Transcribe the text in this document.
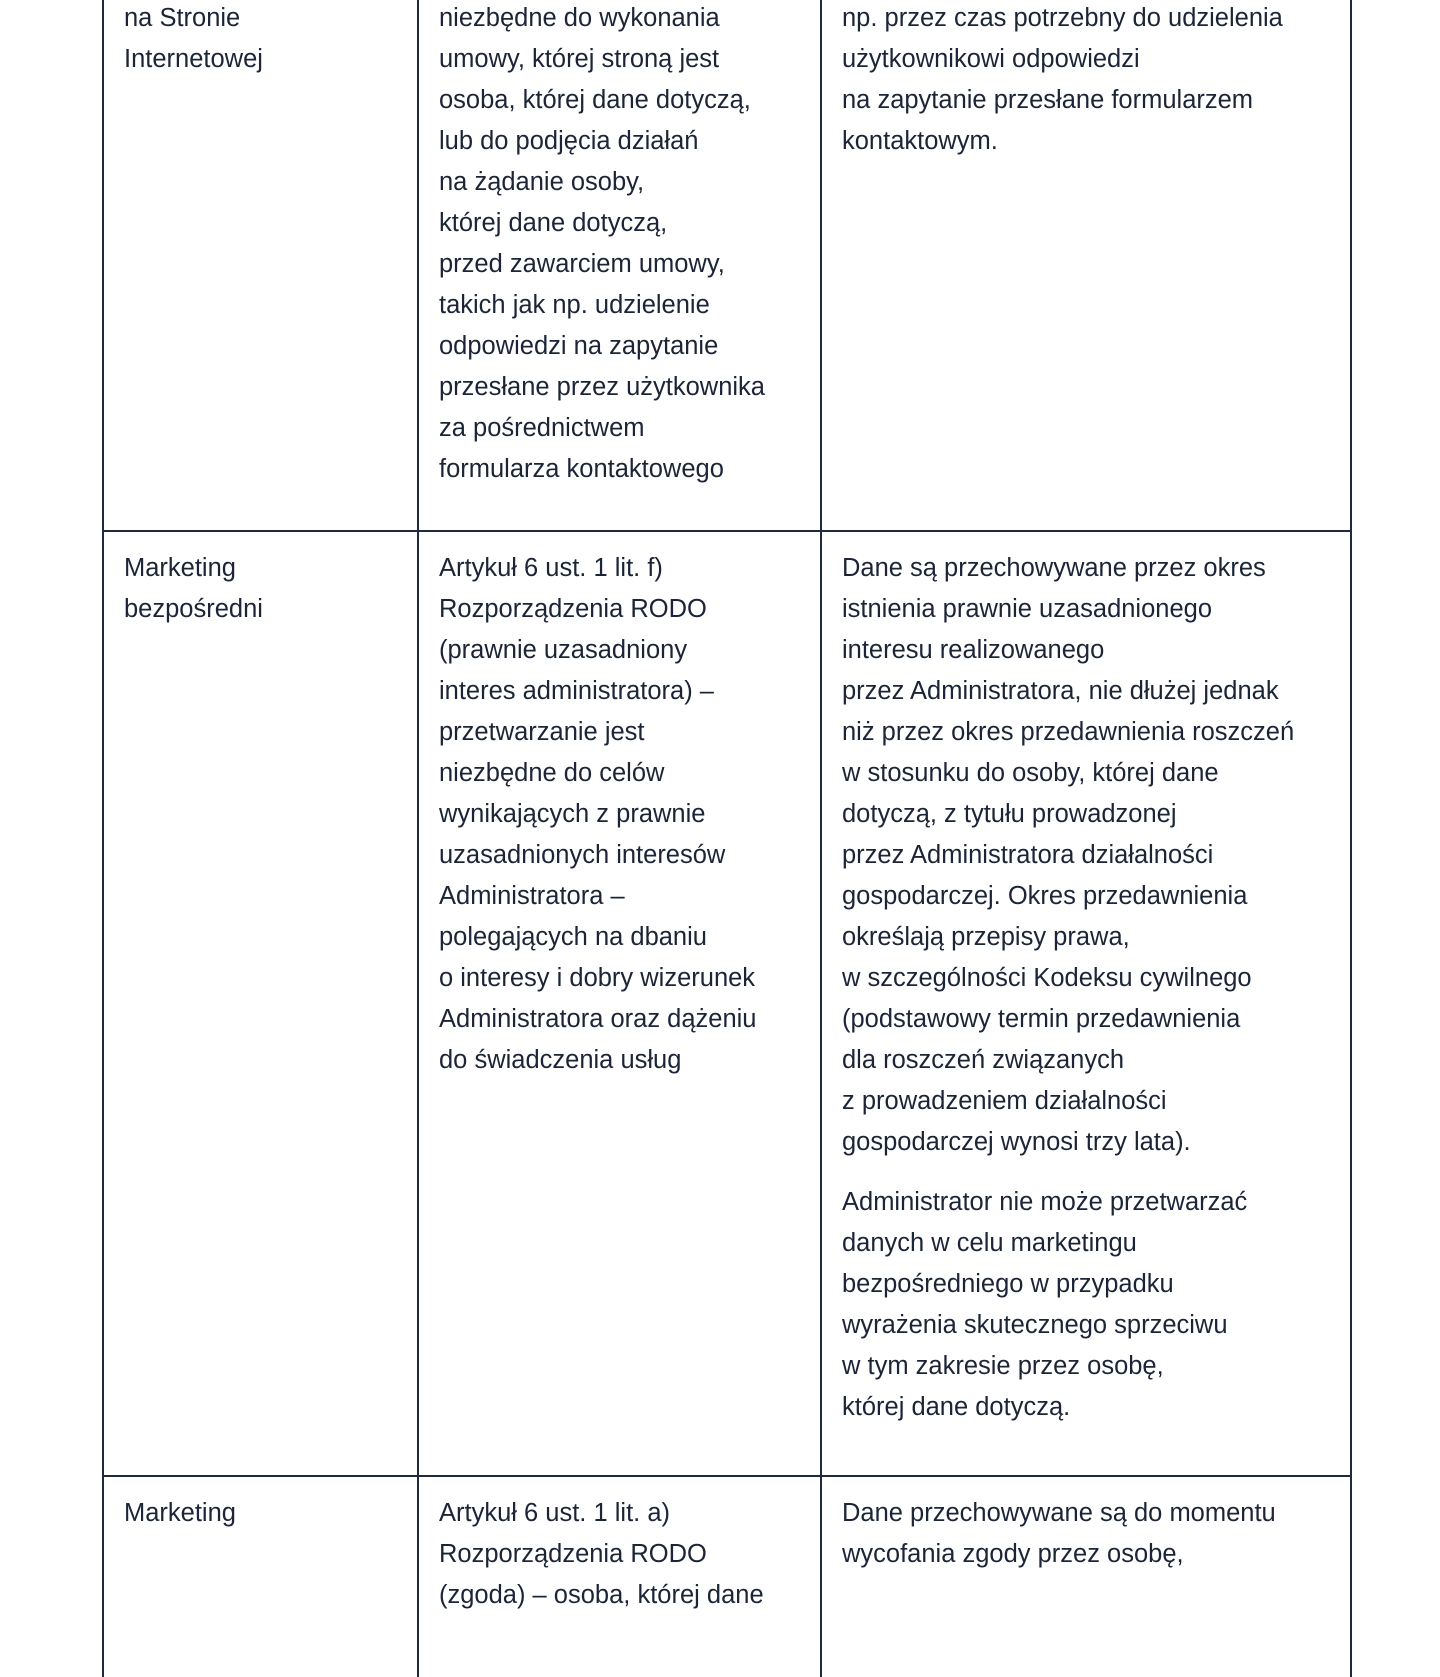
na Stronie
Internetowej
niezbędne do wykonania
umowy, której stroną jest
osoba, której dane dotyczą,
lub do podjęcia działań
na żądanie osoby,
której dane dotyczą,
przed zawarciem umowy,
takich jak np. udzielenie
odpowiedzi na zapytanie
przesłane przez użytkownika
za pośrednictwem
formularza kontaktowego
np. przez czas potrzebny do udzielenia
użytkownikowi odpowiedzi
na zapytanie przesłane formularzem
kontaktowym.
Marketing
bezpośredni
Artykuł 6 ust. 1 lit. f)
Rozporządzenia RODO
(prawnie uzasadniony
interes administratora) –
przetwarzanie jest
niezbędne do celów
wynikających z prawnie
uzasadnionych interesów
Administratora –
polegających na dbaniu
o interesy i dobry wizerunek
Administratora oraz dążeniu
do świadczenia usług
Dane są przechowywane przez okres
istnienia prawnie uzasadnionego
interesu realizowanego
przez Administratora, nie dłużej jednak
niż przez okres przedawnienia roszczeń
w stosunku do osoby, której dane
dotyczą, z tytułu prowadzonej
przez Administratora działalności
gospodarczej. Okres przedawnienia
określają przepisy prawa,
w szczególności Kodeksu cywilnego
(podstawowy termin przedawnienia
dla roszczeń związanych
z prowadzeniem działalności
gospodarczej wynosi trzy lata).
Administrator nie może przetwarzać
danych w celu marketingu
bezpośredniego w przypadku
wyrażenia skutecznego sprzeciwu
w tym zakresie przez osobę,
której dane dotyczą.
Marketing	Artykuł 6 ust. 1 lit. a)
Rozporządzenia RODO
(zgoda) – osoba, której dane
Dane przechowywane są do momentu
wycofania zgody przez osobę,
